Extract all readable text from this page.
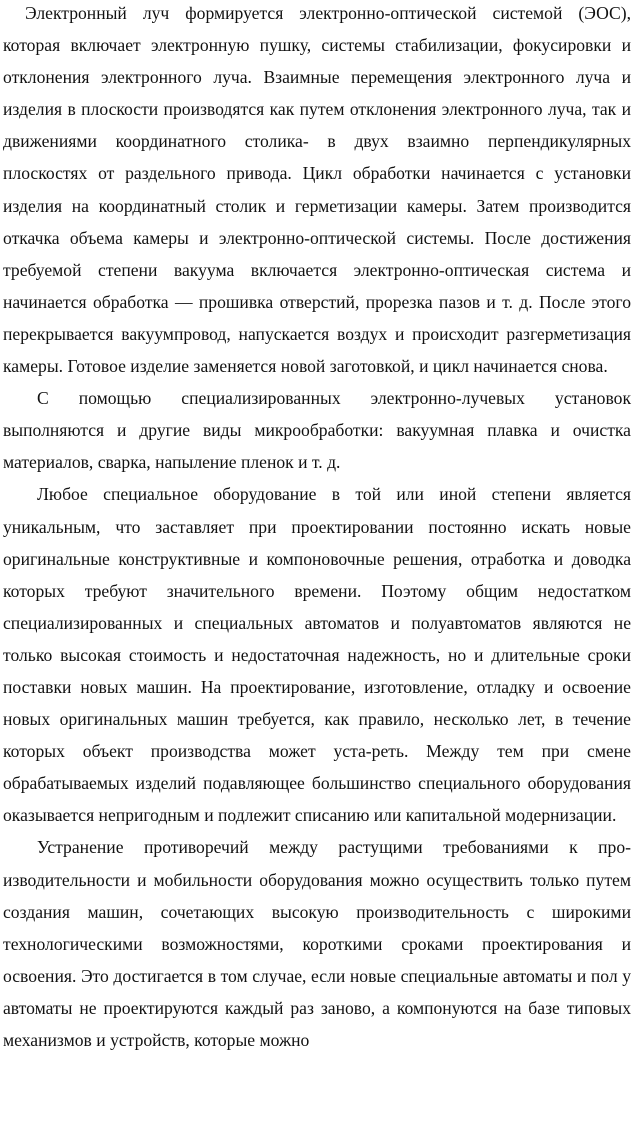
Электронный луч формируется электронно-оптической системой (ЭОС), которая включает электронную пушку, системы стабилизации, фокусировки и отклонения электронного луча. Взаимные перемещения электронного луча и изделия в плоскости производятся как путем отклонения электронного луча, так и движениями координатного столика- в двух взаимно перпендикулярных плоскостях от раздельного привода. Цикл обработки начинается с установки изделия на координатный столик и герметизации камеры. Затем производится откачка объема камеры и электронно-оптической системы. После достижения требуемой степени вакуума включается электронно-оптическая система и начинается обработка — прошивка отверстий, прорезка пазов и т. д. После этого перекрывается вакуумпровод, напускается воздух и происходит разгерметизация камеры. Готовое изделие заменяется новой заготовкой, и цикл начинается снова.

С помощью специализированных электронно-лучевых установок выполняются и другие виды микрообработки: вакуумная плавка и очистка материалов, сварка, напыление пленок и т. д.

Любое специальное оборудование в той или иной степени является уникальным, что заставляет при проектировании постоянно искать новые оригинальные конструктивные и компоновочные решения, отработка и доводка которых требуют значительного времени. Поэтому общим недостатком специализированных и специальных автоматов и полуавтоматов являются не только высокая стоимость и недостаточная надежность, но и длительные сроки поставки новых машин. На проектирование, изготовление, отладку и освоение новых оригинальных машин требуется, как правило, несколько лет, в течение которых объект производства может уста-реть. Между тем при смене обрабатываемых изделий подавляющее большинство специального оборудования оказывается непригодным и подлежит списанию или капитальной модернизации.

Устранение противоречий между растущими требованиями к про-изводительности и мобильности оборудования можно осуществить только путем создания машин, сочетающих высокую производительность с широкими технологическими возможностями, короткими сроками проектирования и освоения. Это достигается в том случае, если новые специальные автоматы и пол у автоматы не проектируются каждый раз заново, а компонуются на базе типовых механизмов и устройств, которые можно
